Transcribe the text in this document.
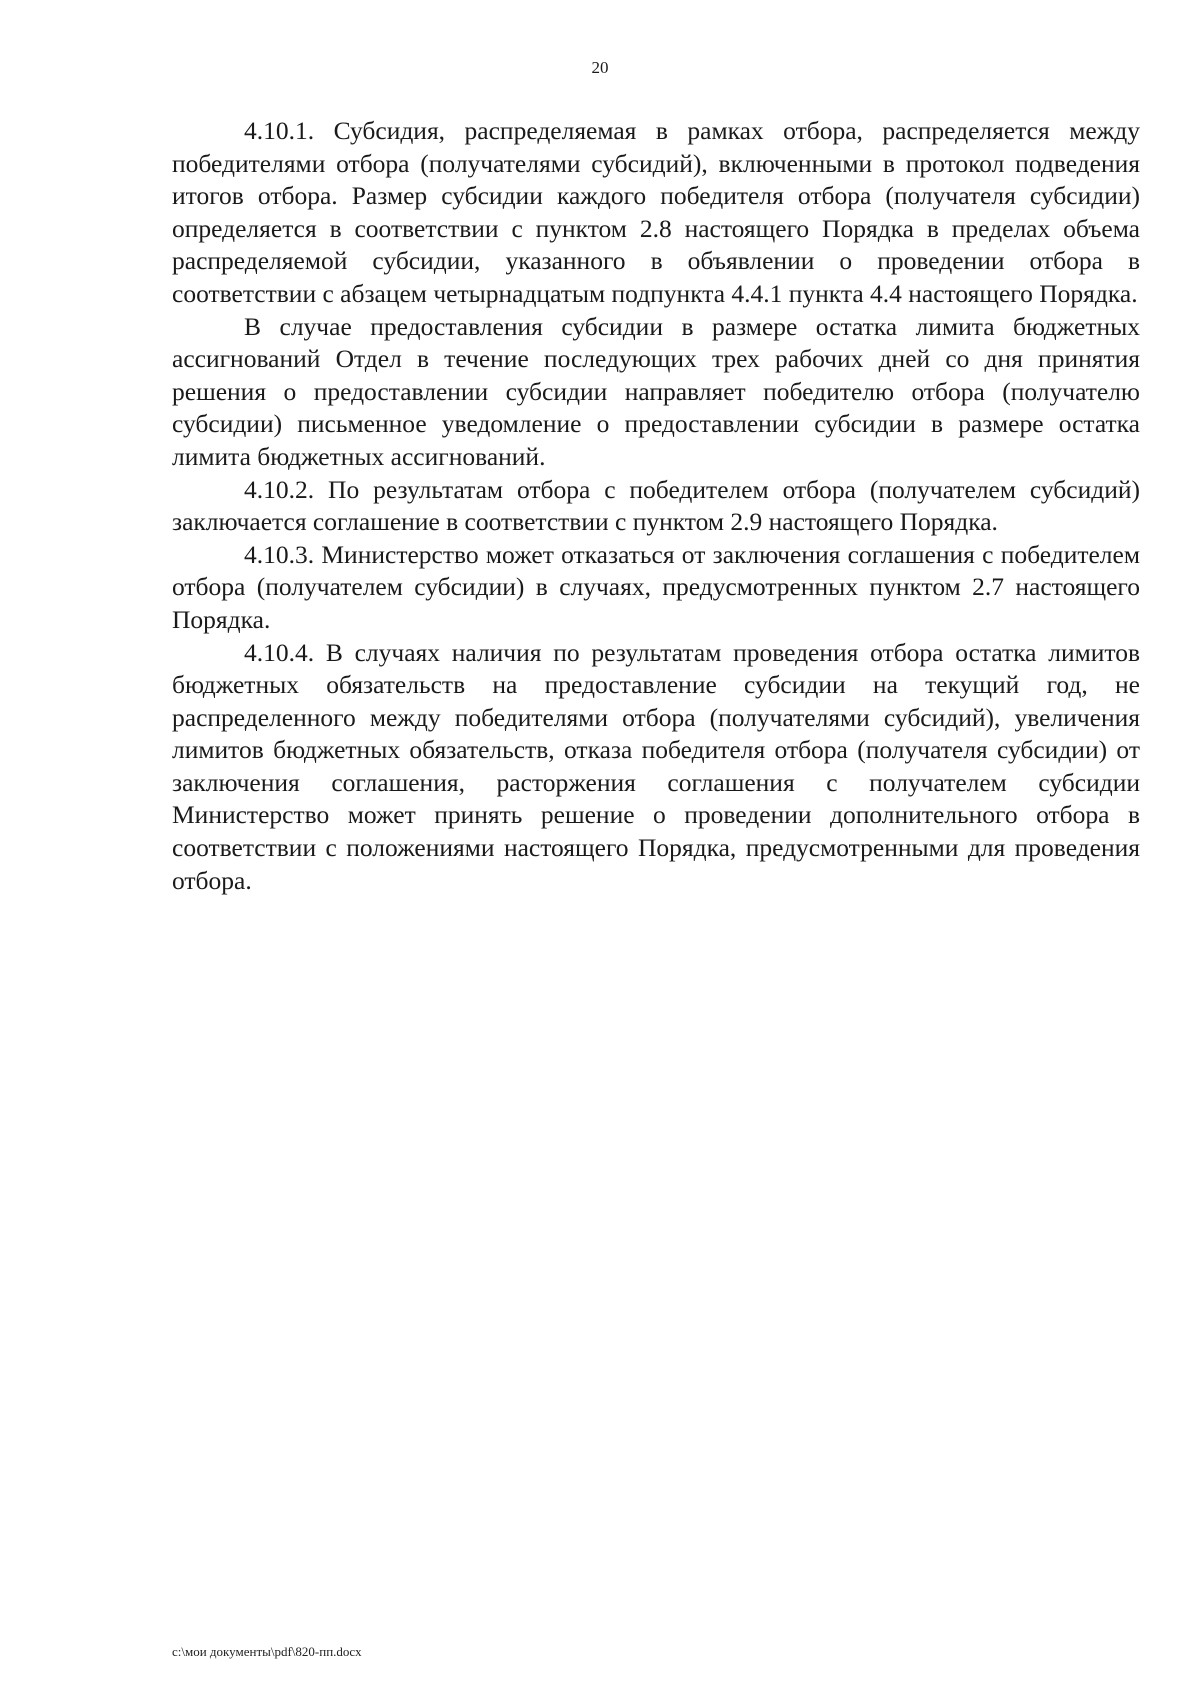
20

4.10.1. Субсидия, распределяемая в рамках отбора, распределяется между победителями отбора (получателями субсидий), включенными в протокол подведения итогов отбора. Размер субсидии каждого победителя отбора (получателя субсидии) определяется в соответствии с пунктом 2.8 настоящего Порядка в пределах объема распределяемой субсидии, указанного в объявлении о проведении отбора в соответствии с абзацем четырнадцатым подпункта 4.4.1 пункта 4.4 настоящего Порядка.

В случае предоставления субсидии в размере остатка лимита бюджетных ассигнований Отдел в течение последующих трех рабочих дней со дня принятия решения о предоставлении субсидии направляет победителю отбора (получателю субсидии) письменное уведомление о предоставлении субсидии в размере остатка лимита бюджетных ассигнований.

4.10.2. По результатам отбора с победителем отбора (получателем субсидий) заключается соглашение в соответствии с пунктом 2.9 настоящего Порядка.

4.10.3. Министерство может отказаться от заключения соглашения с победителем отбора (получателем субсидии) в случаях, предусмотренных пунктом 2.7 настоящего Порядка.

4.10.4. В случаях наличия по результатам проведения отбора остатка лимитов бюджетных обязательств на предоставление субсидии на текущий год, не распределенного между победителями отбора (получателями субсидий), увеличения лимитов бюджетных обязательств, отказа победителя отбора (получателя субсидии) от заключения соглашения, расторжения соглашения с получателем субсидии Министерство может принять решение о проведении дополнительного отбора в соответствии с положениями настоящего Порядка, предусмотренными для проведения отбора.

c:\мои документы\pdf\820-пп.docx
